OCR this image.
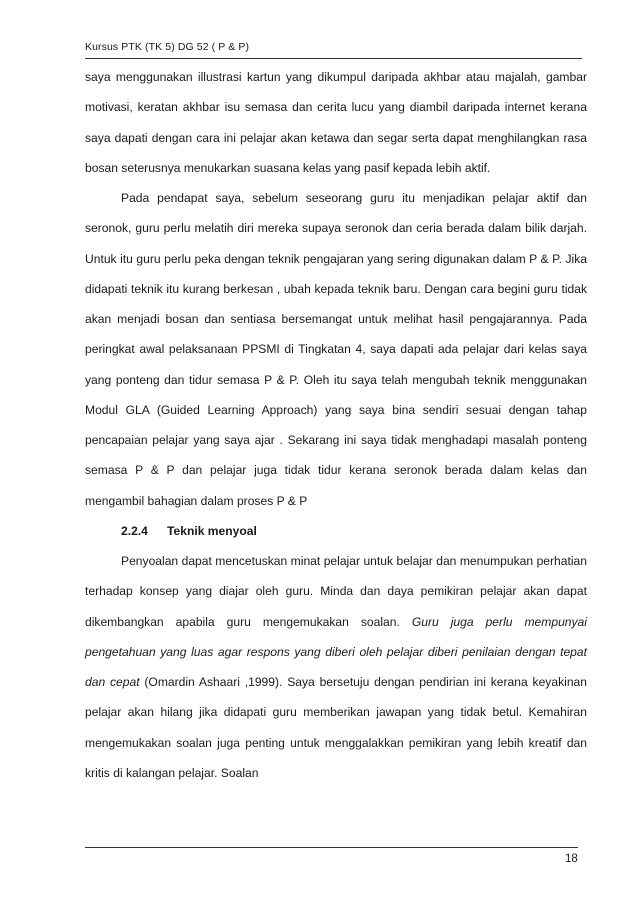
Kursus PTK (TK 5) DG 52 ( P & P)

saya menggunakan illustrasi kartun yang dikumpul daripada akhbar atau majalah, gambar motivasi, keratan akhbar isu semasa dan cerita lucu yang diambil daripada internet kerana saya dapati dengan cara ini pelajar akan ketawa dan segar serta dapat menghilangkan rasa bosan seterusnya menukarkan suasana kelas yang pasif kepada lebih aktif.

Pada pendapat saya, sebelum seseorang guru itu menjadikan pelajar aktif dan seronok, guru perlu melatih diri mereka supaya seronok dan ceria berada dalam bilik darjah. Untuk itu guru perlu peka dengan teknik pengajaran yang sering digunakan dalam P & P. Jika didapati teknik itu kurang berkesan , ubah kepada teknik baru. Dengan cara begini guru tidak akan menjadi bosan dan sentiasa bersemangat untuk melihat hasil pengajarannya. Pada peringkat awal pelaksanaan PPSMI di Tingkatan 4, saya dapati ada pelajar dari kelas saya yang ponteng dan tidur semasa P & P. Oleh itu saya telah mengubah teknik menggunakan Modul GLA (Guided Learning Approach) yang saya bina sendiri sesuai dengan tahap pencapaian pelajar yang saya ajar . Sekarang ini saya tidak menghadapi masalah ponteng semasa P & P dan pelajar juga tidak tidur kerana seronok berada dalam kelas dan mengambil bahagian dalam proses P & P

2.2.4 Teknik menyoal

Penyoalan dapat mencetuskan minat pelajar untuk belajar dan menumpukan perhatian terhadap konsep yang diajar oleh guru. Minda dan daya pemikiran pelajar akan dapat dikembangkan apabila guru mengemukakan soalan. Guru juga perlu mempunyai pengetahuan yang luas agar respons yang diberi oleh pelajar diberi penilaian dengan tepat dan cepat (Omardin Ashaari ,1999). Saya bersetuju dengan pendirian ini kerana keyakinan pelajar akan hilang jika didapati guru memberikan jawapan yang tidak betul. Kemahiran mengemukakan soalan juga penting untuk menggalakkan pemikiran yang lebih kreatif dan kritis di kalangan pelajar. Soalan

18
